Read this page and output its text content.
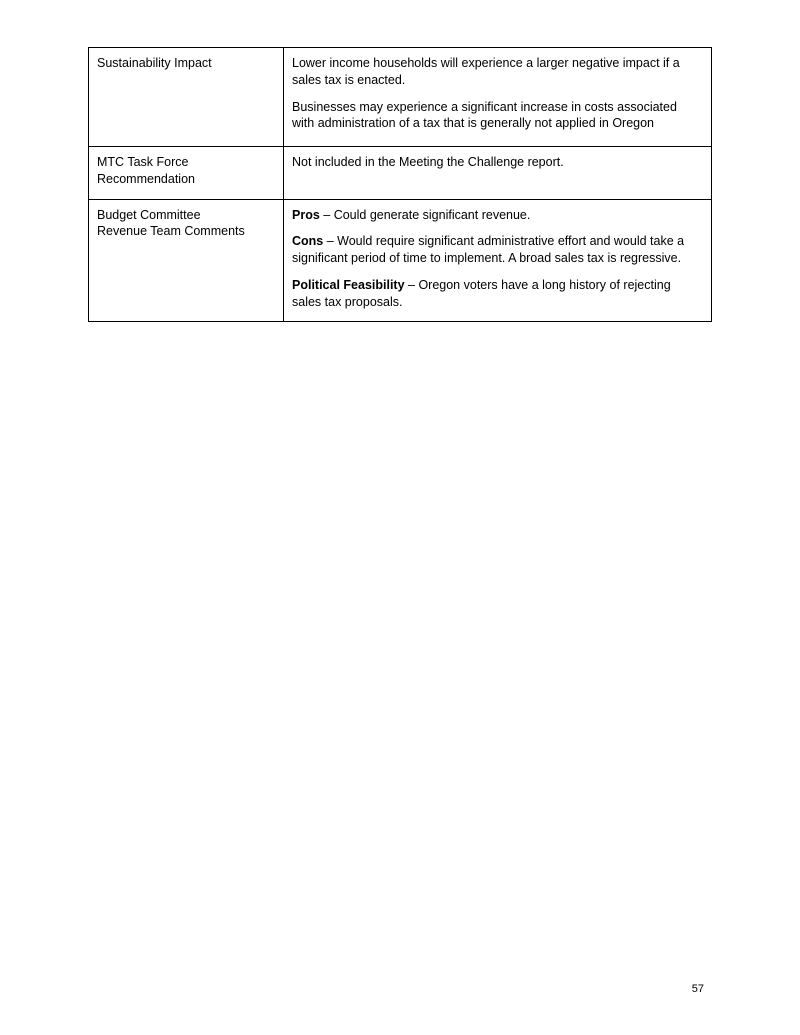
Sustainability Impact	Lower income households will experience a larger negative impact if a sales tax is enacted.

Businesses may experience a significant increase in costs associated with administration of a tax that is generally not applied in Oregon

MTC Task Force Recommendation	Not included in the Meeting the Challenge report.

Budget Committee Revenue Team Comments	Pros – Could generate significant revenue.

Cons – Would require significant administrative effort and would take a significant period of time to implement. A broad sales tax is regressive.

Political Feasibility – Oregon voters have a long history of rejecting sales tax proposals.

57
